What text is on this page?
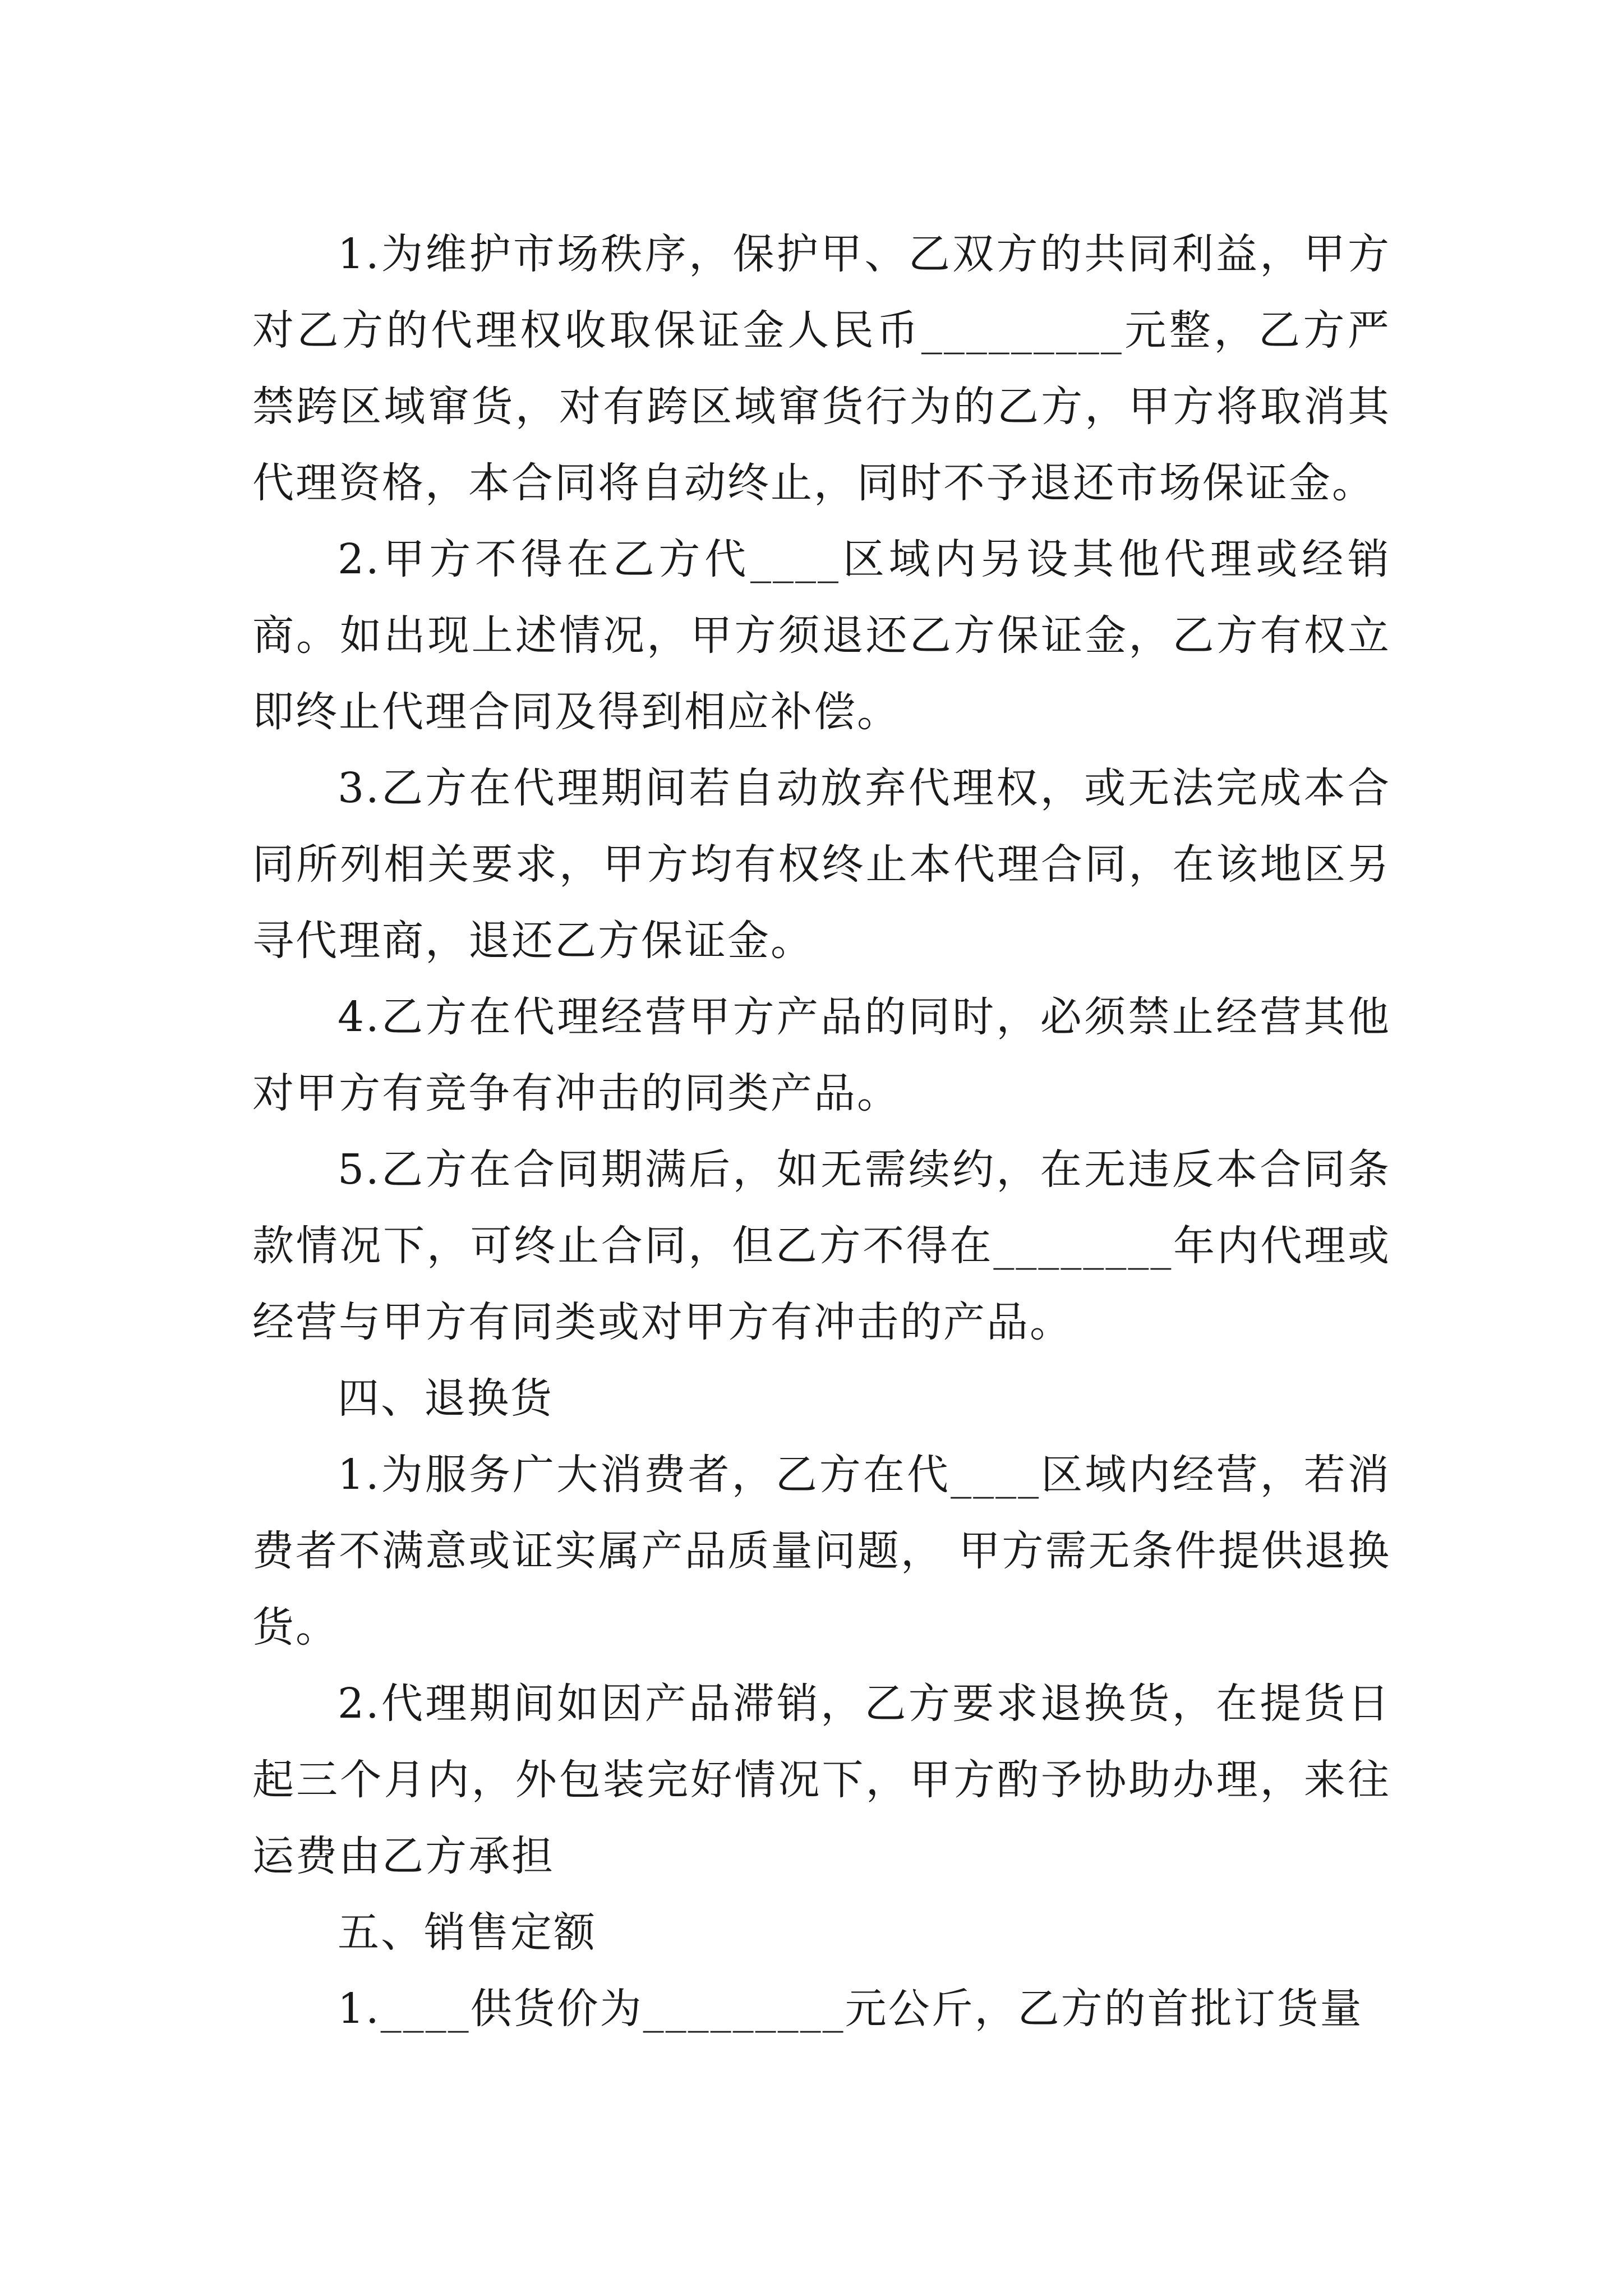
1.为维护市场秩序，保护甲、乙双方的共同利益，甲方对乙方的代理权收取保证金人民币_________元整，乙方严禁跨区域窜货，对有跨区域窜货行为的乙方，甲方将取消其代理资格，本合同将自动终止，同时不予退还市场保证金。

2.甲方不得在乙方代____区域内另设其他代理或经销商。如出现上述情况，甲方须退还乙方保证金，乙方有权立即终止代理合同及得到相应补偿。

3.乙方在代理期间若自动放弃代理权，或无法完成本合同所列相关要求，甲方均有权终止本代理合同，在该地区另寻代理商，退还乙方保证金。

4.乙方在代理经营甲方产品的同时，必须禁止经营其他对甲方有竞争有冲击的同类产品。

5.乙方在合同期满后，如无需续约，在无违反本合同条款情况下，可终止合同，但乙方不得在________年内代理或经营与甲方有同类或对甲方有冲击的产品。

四、退换货

1.为服务广大消费者，乙方在代____区域内经营，若消费者不满意或证实属产品质量问题， 甲方需无条件提供退换货。

2.代理期间如因产品滞销，乙方要求退换货，在提货日起三个月内，外包装完好情况下，甲方酌予协助办理，来往运费由乙方承担

五、销售定额

1.____供货价为_________元公斤，乙方的首批订货量
